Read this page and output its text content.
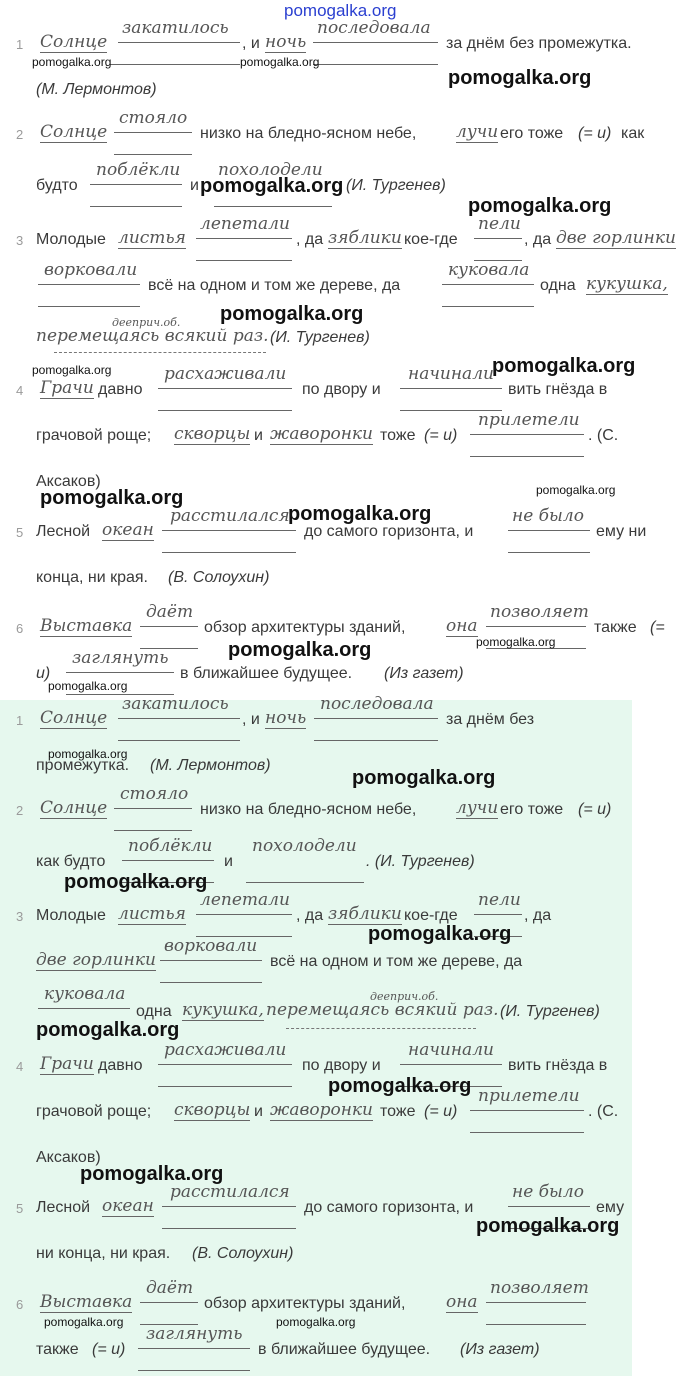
1 Солнце
закатилось
, и ночь
последовала
за днём без промежутка.
(М. Лермонтов)
2 Солнце
стояло
низко на бледно-ясном небе, лучи его тоже (= и) как
будто
поблёкли
и
похолодели
(И. Тургенев)
3 Молодые листья
лепетали
, да зяблики кое-где
пели
, да две горлинки
ворковали
всё на одном и том же дереве, да
куковала
одна кукушка,
дееприч.об.
перемещаясь всякий раз. (И. Тургенев)
4 Грачи давно
расхаживали
по двору и
начинали
вить гнёзда в
грачовой роще; скворцы и жаворонки тоже (= и)
прилетели
. (С.
Аксаков)
5 Лесной океан
расстилался
до самого горизонта, и
не было
ему ни
конца, ни края. (В. Солоухин)
6 Выставка
даёт
обзор архитектуры зданий, она
позволяет
также (=
и)
заглянуть
в ближайшее будущее. (Из газет)
1 Солнце
закатилось
, и ночь
последовала
за днём без
промежутка. (М. Лермонтов)
2 Солнце
стояло
низко на бледно-ясном небе, лучи его тоже (= и)
как будто
поблёкли
и
похолодели
. (И. Тургенев)
3 Молодые листья
лепетали
, да зяблики кое-где
пели
, да
две горлинки
ворковали
всё на одном и том же дереве, да
куковала
одна кукушка,
дееприч.об.
перемещаясь всякий раз. (И. Тургенев)
4 Грачи давно
расхаживали
по двору и
начинали
вить гнёзда в
грачовой роще; скворцы и жаворонки тоже (= и)
прилетели
. (С.
Аксаков)
5 Лесной океан
расстилался
до самого горизонта, и
не было
ему
ни конца, ни края. (В. Солоухин)
6 Выставка
даёт
обзор архитектуры зданий, она
позволяет
также (= и)
заглянуть
в ближайшее будущее. (Из газет)
pomogalka.org
pomogalka.org	pomogalka.org
pomogalka.org
pomogalka.org
pomogalka.org
pomogalka.org
pomogalka.org	pomogalka.org
pomogalka.org	pomogalka.org
pomogalka.org
pomogalka.org
pomogalka.org
pomogalka.org
pomogalka.org
pomogalka.org
pomogalka.org
pomogalka.org
pomogalka.org
pomogalka.org
pomogalka.org
pomogalka.org
pomogalka.org	pomogalka.org
